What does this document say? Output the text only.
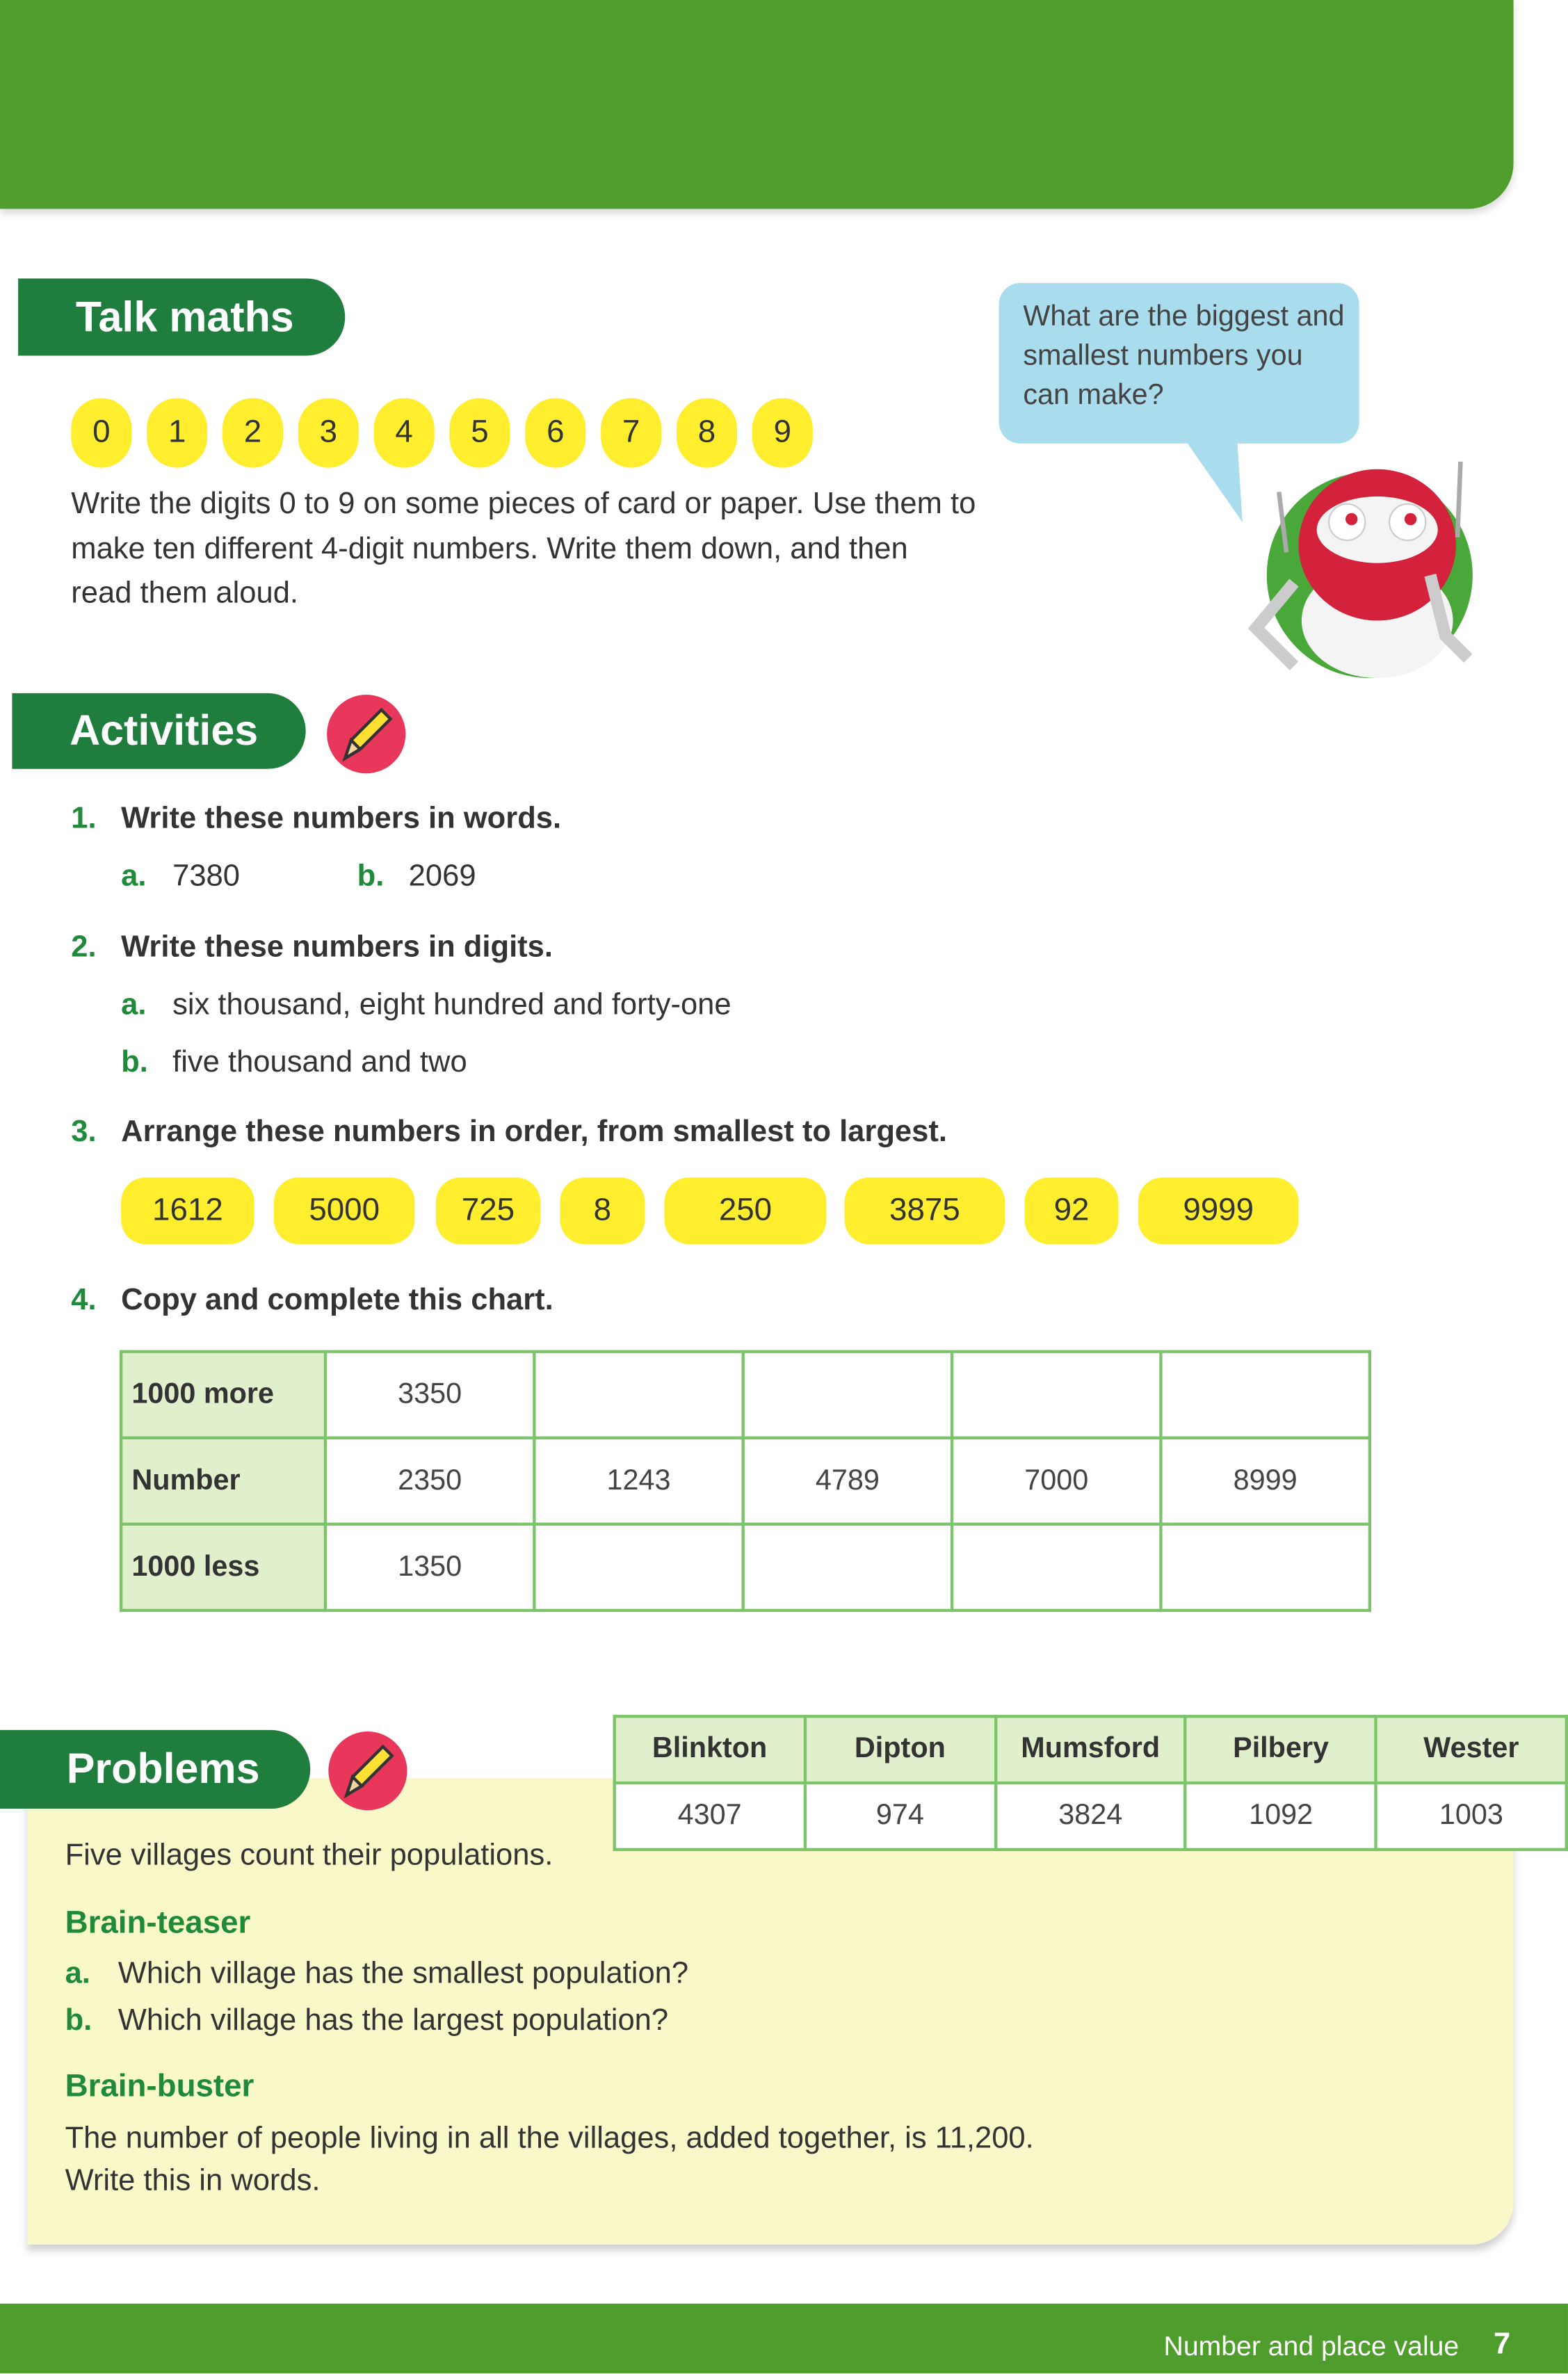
Talk maths
Write the digits 0 to 9 on some pieces of card or paper. Use them to
make ten different 4-digit numbers. Write them down, and then
read them aloud.
What are the biggest and smallest numbers you can make?
Activities
1. Write these numbers in words.
a. 7380	b. 2069
2. Write these numbers in digits.
a. six thousand, eight hundred and forty-one
b. five thousand and two
3. Arrange these numbers in order, from smallest to largest.
4. Copy and complete this chart.
1000 more	3350				
Number	2350	1243	4789	7000	8999
1000 less	1350				
Problems	Blinkton	Dipton	Mumsford	Pilbery	Wester
4307	974	3824	1092	1003
Five villages count their populations.
Brain-teaser
a. Which village has the smallest population?
b. Which village has the largest population?
Brain-buster
The number of people living in all the villages, added together, is 11,200.
Write this in words.
Number and place value 7
0	1	2	3	4	5	6	7	8	9
1612	5000	725	8	250	3875	92	9999
